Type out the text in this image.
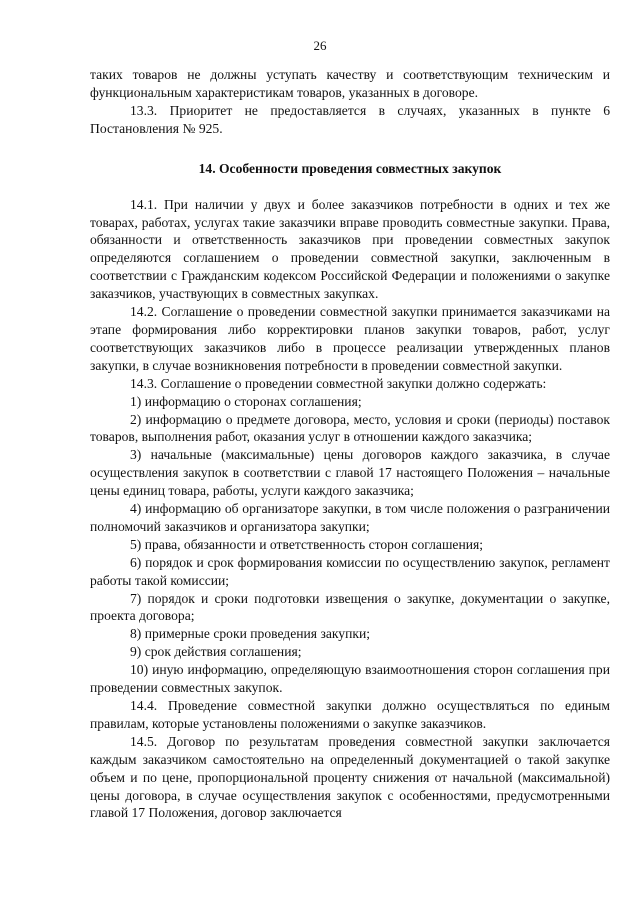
26

таких товаров не должны уступать качеству и соответствующим техническим и функциональным характеристикам товаров, указанных в договоре.

13.3. Приоритет не предоставляется в случаях, указанных в пункте 6 Постановления № 925.

14. Особенности проведения совместных закупок

14.1. При наличии у двух и более заказчиков потребности в одних и тех же товарах, работах, услугах такие заказчики вправе проводить совместные закупки. Права, обязанности и ответственность заказчиков при проведении совместных закупок определяются соглашением о проведении совместной закупки, заключенным в соответствии с Гражданским кодексом Российской Федерации и положениями о закупке заказчиков, участвующих в совместных закупках.

14.2. Соглашение о проведении совместной закупки принимается заказчиками на этапе формирования либо корректировки планов закупки товаров, работ, услуг соответствующих заказчиков либо в процессе реализации утвержденных планов закупки, в случае возникновения потребности в проведении совместной закупки.

14.3. Соглашение о проведении совместной закупки должно содержать:

1) информацию о сторонах соглашения;

2) информацию о предмете договора, место, условия и сроки (периоды) поставок товаров, выполнения работ, оказания услуг в отношении каждого заказчика;

3) начальные (максимальные) цены договоров каждого заказчика, в случае осуществления закупок в соответствии с главой 17 настоящего Положения – начальные цены единиц товара, работы, услуги каждого заказчика;

4) информацию об организаторе закупки, в том числе положения о разграничении полномочий заказчиков и организатора закупки;

5) права, обязанности и ответственность сторон соглашения;

6) порядок и срок формирования комиссии по осуществлению закупок, регламент работы такой комиссии;

7) порядок и сроки подготовки извещения о закупке, документации о закупке, проекта договора;

8) примерные сроки проведения закупки;

9) срок действия соглашения;

10) иную информацию, определяющую взаимоотношения сторон соглашения при проведении совместных закупок.

14.4. Проведение совместной закупки должно осуществляться по единым правилам, которые установлены положениями о закупке заказчиков.

14.5. Договор по результатам проведения совместной закупки заключается каждым заказчиком самостоятельно на определенный документацией о такой закупке объем и по цене, пропорциональной проценту снижения от начальной (максимальной) цены договора, в случае осуществления закупок с особенностями, предусмотренными главой 17 Положения, договор заключается
